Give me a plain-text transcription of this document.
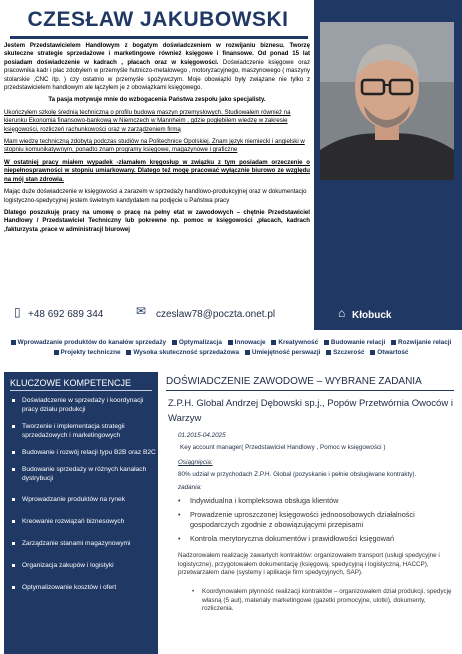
CZESŁAW JAKUBOWSKI

Jestem Przedstawicielem Handlowym z bogatym doświadczeniem w rozwijaniu biznesu. Tworzę skuteczne strategie sprzedażowe i marketingowe również księgowe i finansowe. Od ponad 15 lat posiadam doświadczenie w kadrach , płacach oraz w księgowości. Doświadczenie księgowe oraz pracownika kadr i płac zdobyłem w przemyśle hutniczo-metalowego , motoryzacyjnego, maszynowego ( maszyny stolarskie ,CNC itp. ) czy ostatnio w przemyśle spożywczym. Moje obowiązki były związane nie tylko z przedstawicielem handlowym ale łączyłem je z obowiązkami księgowego.

Ta pasja motywuje mnie do wzbogacenia Państwa zespołu jako specjalisty.

Ukończyłem szkołę średnią techniczną o profilu budowa maszyn przemysłowych. Studiowałem również na kierunku Ekonomia finansowo-bankową w Niemczech w Mannheim , gdzie pogłębiłem wiedzę w zakresie księgowości, rozliczeń rachunkowości oraz w zarządzeniem firmą

Mam wiedzę techniczną zdobytą podczas studiów na Politechnice Opolskiej. Znam język niemiecki i angielski w stopniu komunikatywnym, ponadto znam programy księgowe, magazynowe i graficzne

W ostatniej pracy miałem wypadek -złamałem kręgosłup w związku z tym posiadam orzeczenie o niepełnosprawności w stopniu umiarkowany. Dlatego też mogę pracować wyłącznie biurowo ze względu na mój stan zdrowia.

Mając duże doświadczenie w księgowości a zarazem w sprzedaży handlowo-produkcyjnej oraz w dokumentacjo logistyczno-spedycyjnej jestem świetnym kandydatem na podjęcie u Państwa pracy

Dlatego poszukuję pracy na umowę o pracę na pełny etat w zawodowych – chętnie Przedstawiciel Handlowy / Przedstawiciel Techniczny lub pokrewne np. pomoc w księgowości ,płacach, kadrach ,fakturzysta ,prace w administracji biurowej

▯ +48 692 689 344	✉ czeslaw78@poczta.onet.pl	⌂ Kłobuck
Wprowadzanie produktów do kanałów sprzedaży Optymalizacja Innowacje Kreatywność Budowanie relacji Rozwijanie relacji Projekty techniczne Wysoka skuteczność sprzedażowa Umiejętność perswazji Szczerość Otwartość
KLUCZOWE KOMPETENCJE
Doświadczenie w sprzedaży i koordynacji pracy działu produkcji
Tworzenie i implementacja strategii sprzedażowych i marketingowych
Budowanie i rozwój relacji typu B2B oraz B2C
Budowanie sprzedaży w różnych kanałach dystrybucji
Wprowadzanie produktów na rynek
Kreowanie rozwiązań biznesowych
Zarządzanie stanami magazynowymi
Organizacja zakupów i logistyki
Optymalizowanie kosztów i ofert
DOŚWIADCZENIE ZAWODOWE – WYBRANE ZADANIA
Z.P.H. Global Andrzej Dębowski sp.j., Popów Przetwórnia Owoców i Warzyw
01.2015-04.2025
Key account manager( Przedstawiciel Handlowy , Pomoc w księgowości )
Osiągnięcia:
80% udział w przychodach Z.P.H. Global (pozyskanie i pełnie obsługiwane kontrakty).
zadania:
• Indywidualna i kompleksowa obsługa klientów
• Prowadzenie uproszczonej księgowości jednoosobowych działalności gospodarczych zgodnie z obowiązującymi przepisami
• Kontrola merytoryczna dokumentów i prawidłowości księgowań
Nadzorowałem realizację zawartych kontraktów: organizowałem transport (usługi spedycyjne i logistyczne), przygotowałem dokumentację (księgową, spedycyjną i logistyczną, HACCP), przetwarzałem dane (systemy i aplikacje firm spedycyjnych, SAP).
• Koordynowałem płynność realizacji kontraktów – organizowałem dział produkcji, spedycję własną (5 aut), materiały marketingowe (gazetki promocyjne, ulotki), dokumenty, rozliczenia.
